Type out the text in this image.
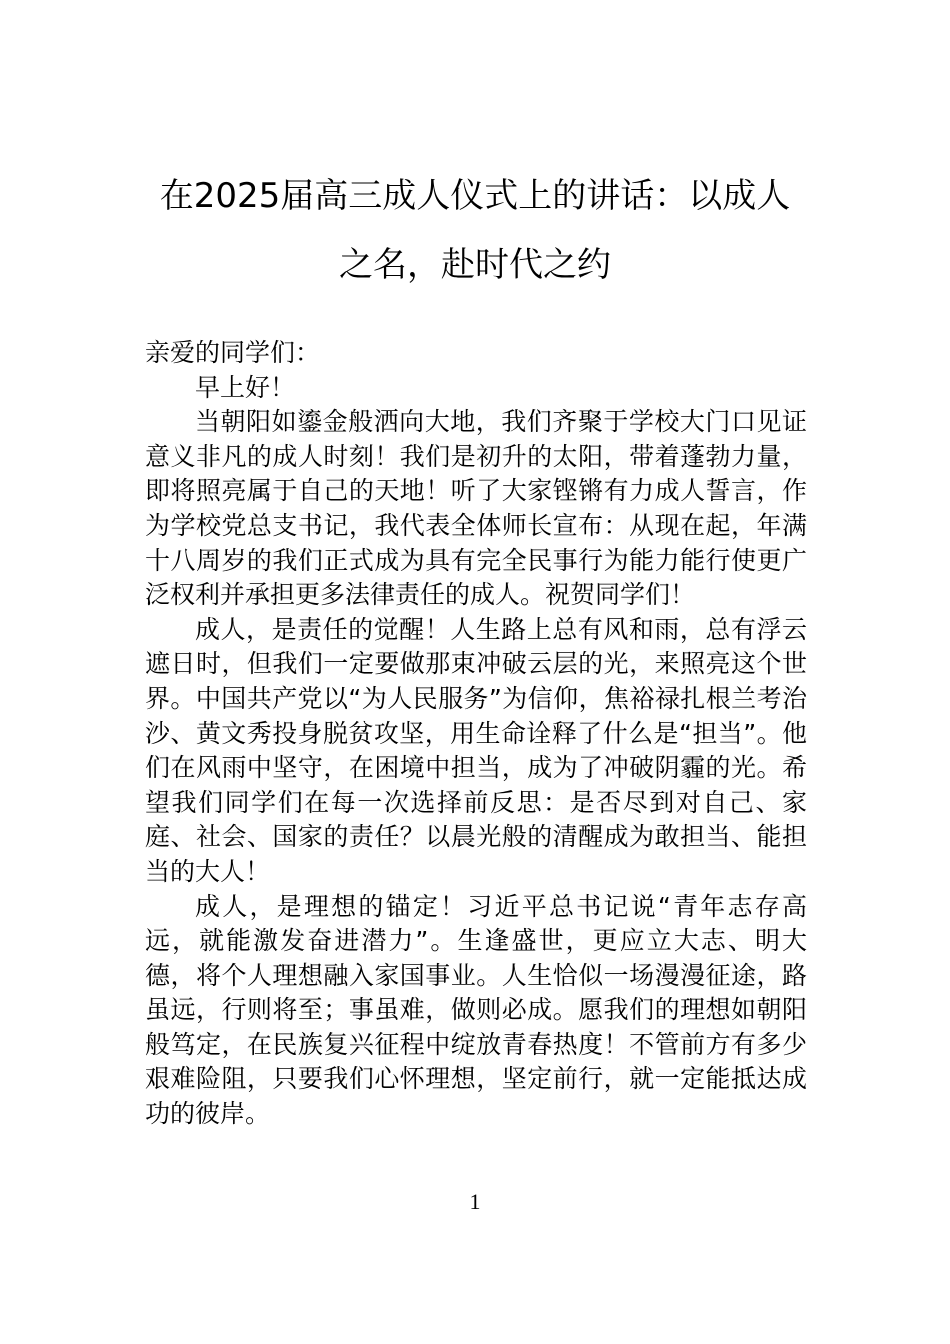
在2025届高三成人仪式上的讲话：以成人
之名，赴时代之约

亲爱的同学们：

早上好！

当朝阳如鎏金般洒向大地，我们齐聚于学校大门口见证意义非凡的成人时刻！我们是初升的太阳，带着蓬勃力量，即将照亮属于自己的天地！听了大家铿锵有力成人誓言，作为学校党总支书记，我代表全体师长宣布：从现在起，年满十八周岁的我们正式成为具有完全民事行为能力能行使更广泛权利并承担更多法律责任的成人。祝贺同学们！

成人，是责任的觉醒！人生路上总有风和雨，总有浮云遮日时，但我们一定要做那束冲破云层的光，来照亮这个世界。中国共产党以“为人民服务”为信仰，焦裕禄扎根兰考治沙、黄文秀投身脱贫攻坚，用生命诠释了什么是“担当”。他们在风雨中坚守，在困境中担当，成为了冲破阴霾的光。希望我们同学们在每一次选择前反思：是否尽到对自己、家庭、社会、国家的责任？以晨光般的清醒成为敢担当、能担当的大人！

成人，是理想的锚定！习近平总书记说“青年志存高远，就能激发奋进潜力”。生逢盛世，更应立大志、明大德，将个人理想融入家国事业。人生恰似一场漫漫征途，路虽远，行则将至；事虽难，做则必成。愿我们的理想如朝阳般笃定，在民族复兴征程中绽放青春热度！不管前方有多少艰难险阻，只要我们心怀理想，坚定前行，就一定能抵达成功的彼岸。

1
